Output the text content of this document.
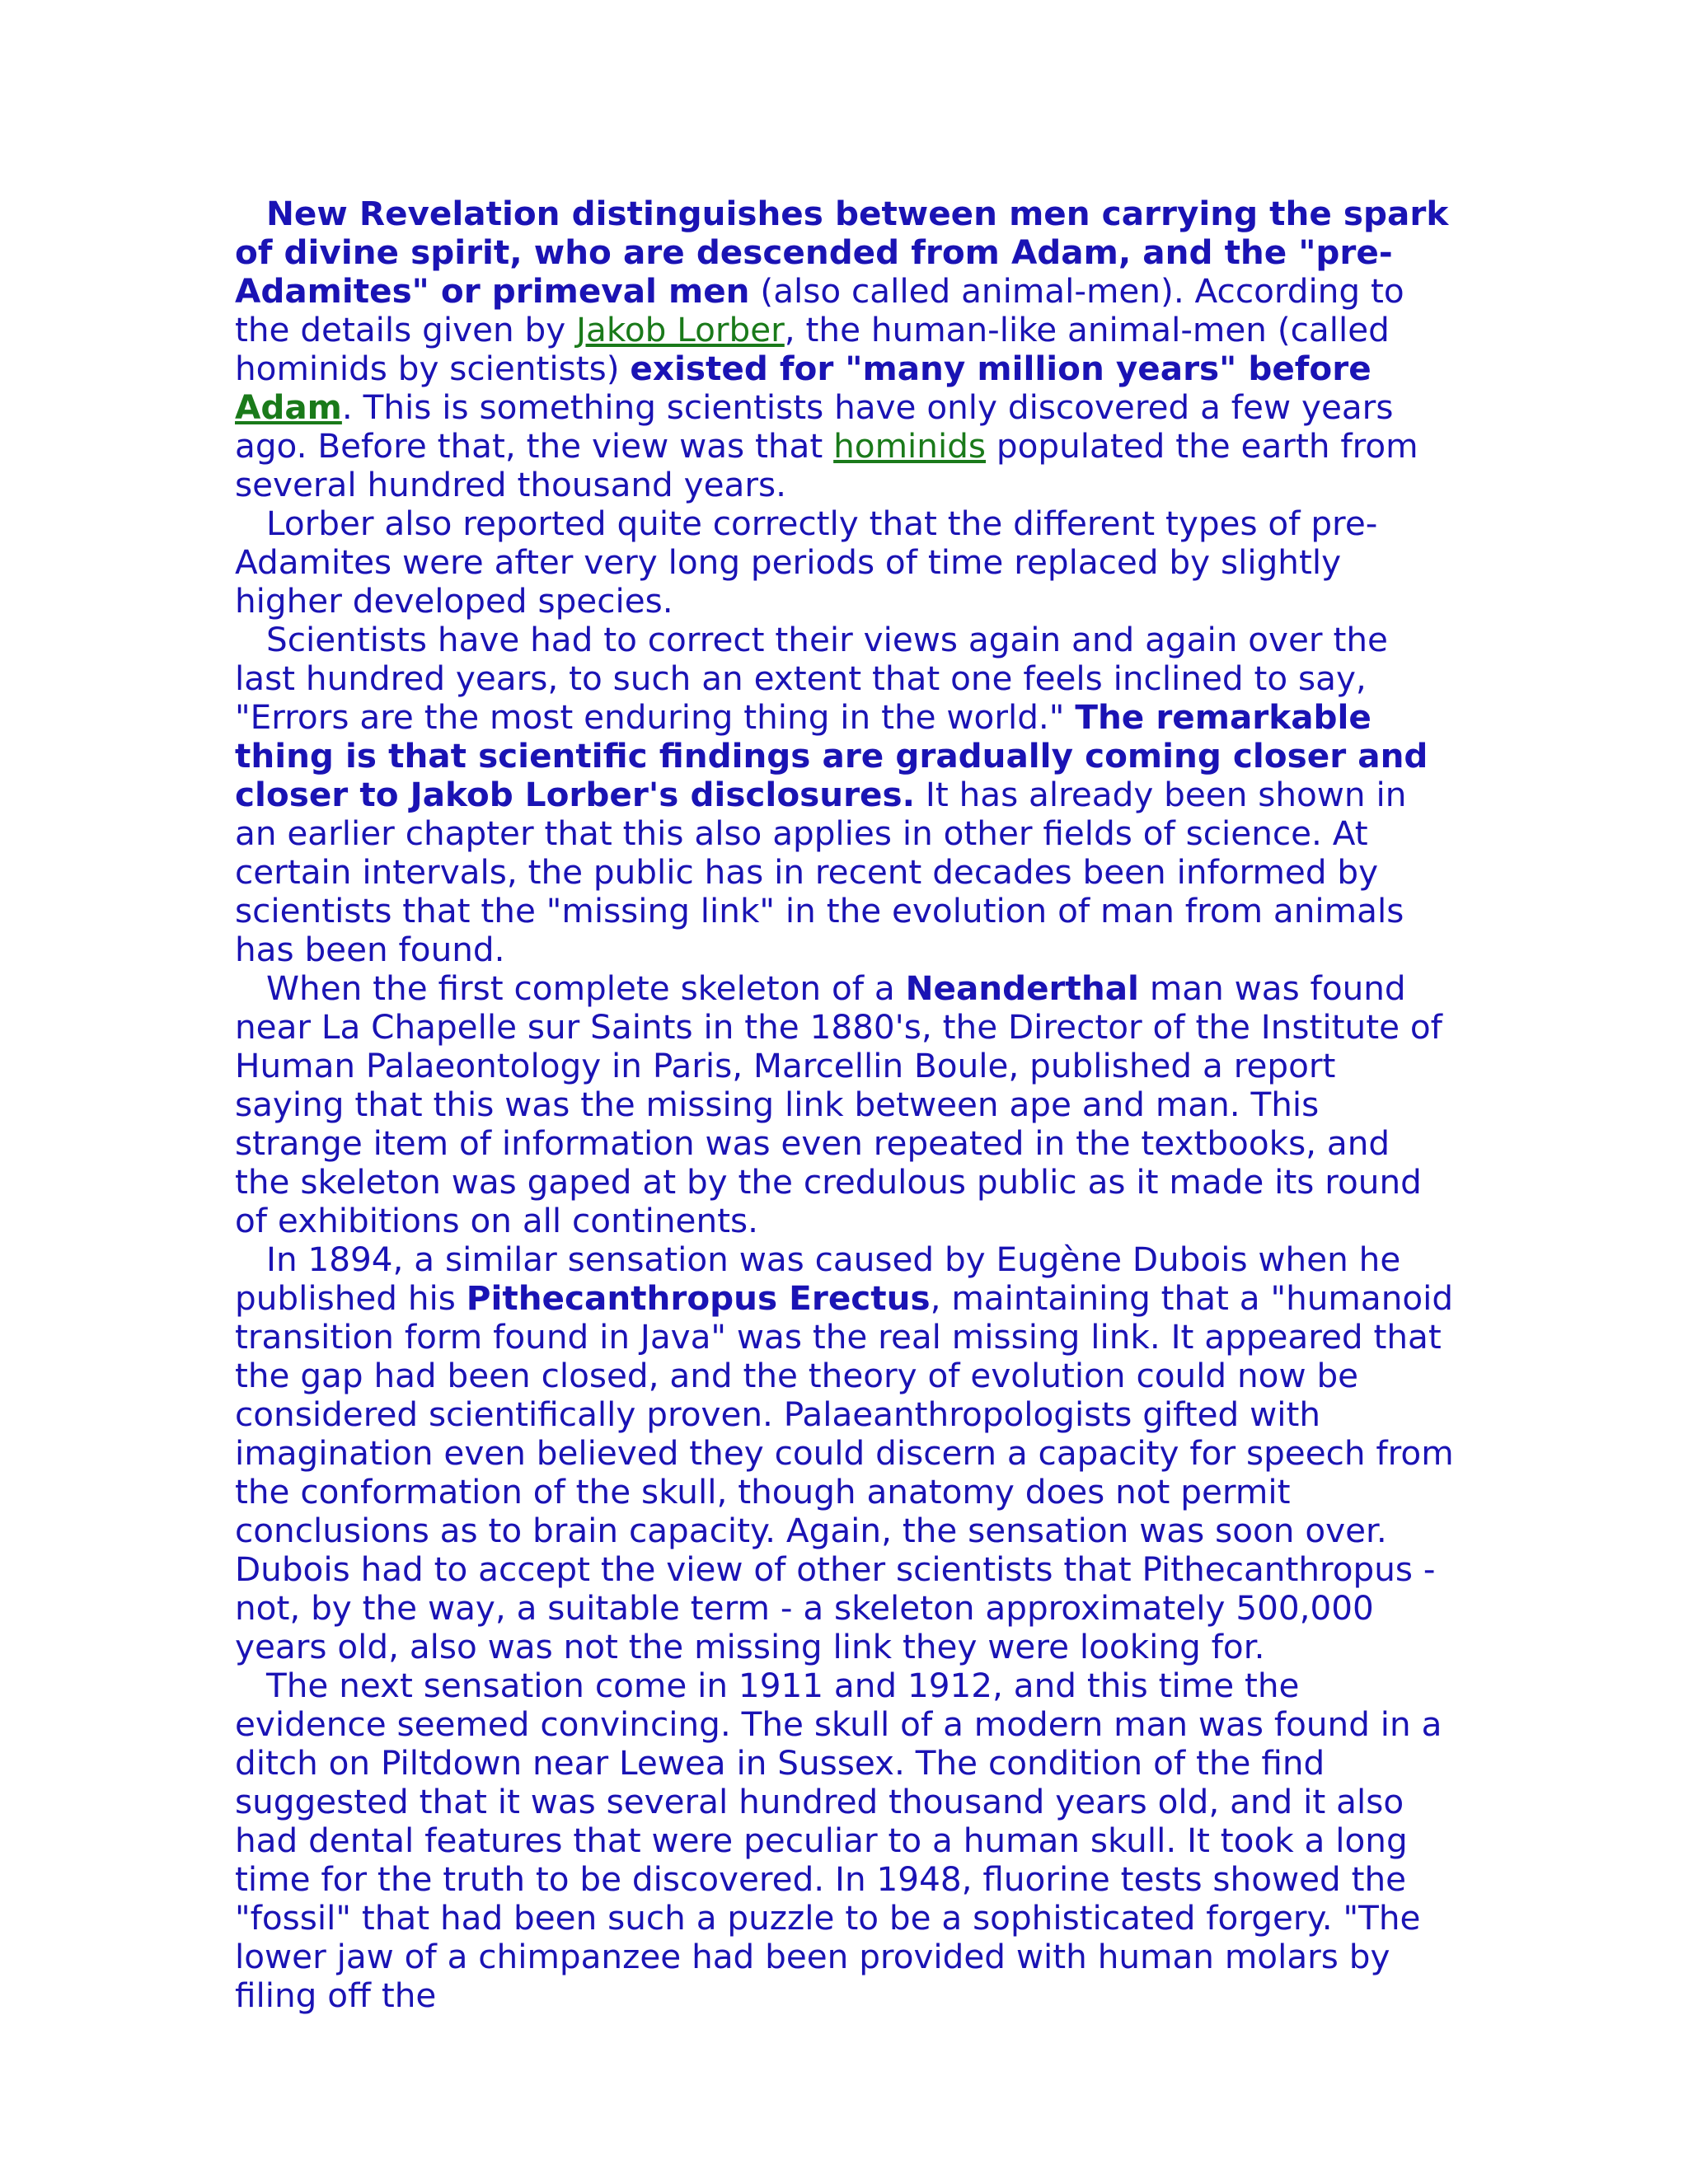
New Revelation distinguishes between men carrying the spark of divine spirit, who are descended from Adam, and the "pre-Adamites" or primeval men (also called animal-men). According to the details given by Jakob Lorber, the human-like animal-men (called hominids by scientists) existed for "many million years" before Adam. This is something scientists have only discovered a few years ago. Before that, the view was that hominids populated the earth from several hundred thousand years.

Lorber also reported quite correctly that the different types of pre-Adamites were after very long periods of time replaced by slightly higher developed species.

Scientists have had to correct their views again and again over the last hundred years, to such an extent that one feels inclined to say, "Errors are the most enduring thing in the world." The remarkable thing is that scientific findings are gradually coming closer and closer to Jakob Lorber's disclosures. It has already been shown in an earlier chapter that this also applies in other fields of science. At certain intervals, the public has in recent decades been informed by scientists that the "missing link" in the evolution of man from animals has been found.

When the first complete skeleton of a Neanderthal man was found near La Chapelle sur Saints in the 1880's, the Director of the Institute of Human Palaeontology in Paris, Marcellin Boule, published a report saying that this was the missing link between ape and man. This strange item of information was even repeated in the textbooks, and the skeleton was gaped at by the credulous public as it made its round of exhibitions on all continents.

In 1894, a similar sensation was caused by Eugène Dubois when he published his Pithecanthropus Erectus, maintaining that a "humanoid transition form found in Java" was the real missing link. It appeared that the gap had been closed, and the theory of evolution could now be considered scientifically proven. Palaeanthropologists gifted with imagination even believed they could discern a capacity for speech from the conformation of the skull, though anatomy does not permit conclusions as to brain capacity. Again, the sensation was soon over. Dubois had to accept the view of other scientists that Pithecanthropus - not, by the way, a suitable term - a skeleton approximately 500,000 years old, also was not the missing link they were looking for.

The next sensation come in 1911 and 1912, and this time the evidence seemed convincing. The skull of a modern man was found in a ditch on Piltdown near Lewea in Sussex. The condition of the find suggested that it was several hundred thousand years old, and it also had dental features that were peculiar to a human skull. It took a long time for the truth to be discovered. In 1948, fluorine tests showed the "fossil" that had been such a puzzle to be a sophisticated forgery. "The lower jaw of a chimpanzee had been provided with human molars by filing off the
